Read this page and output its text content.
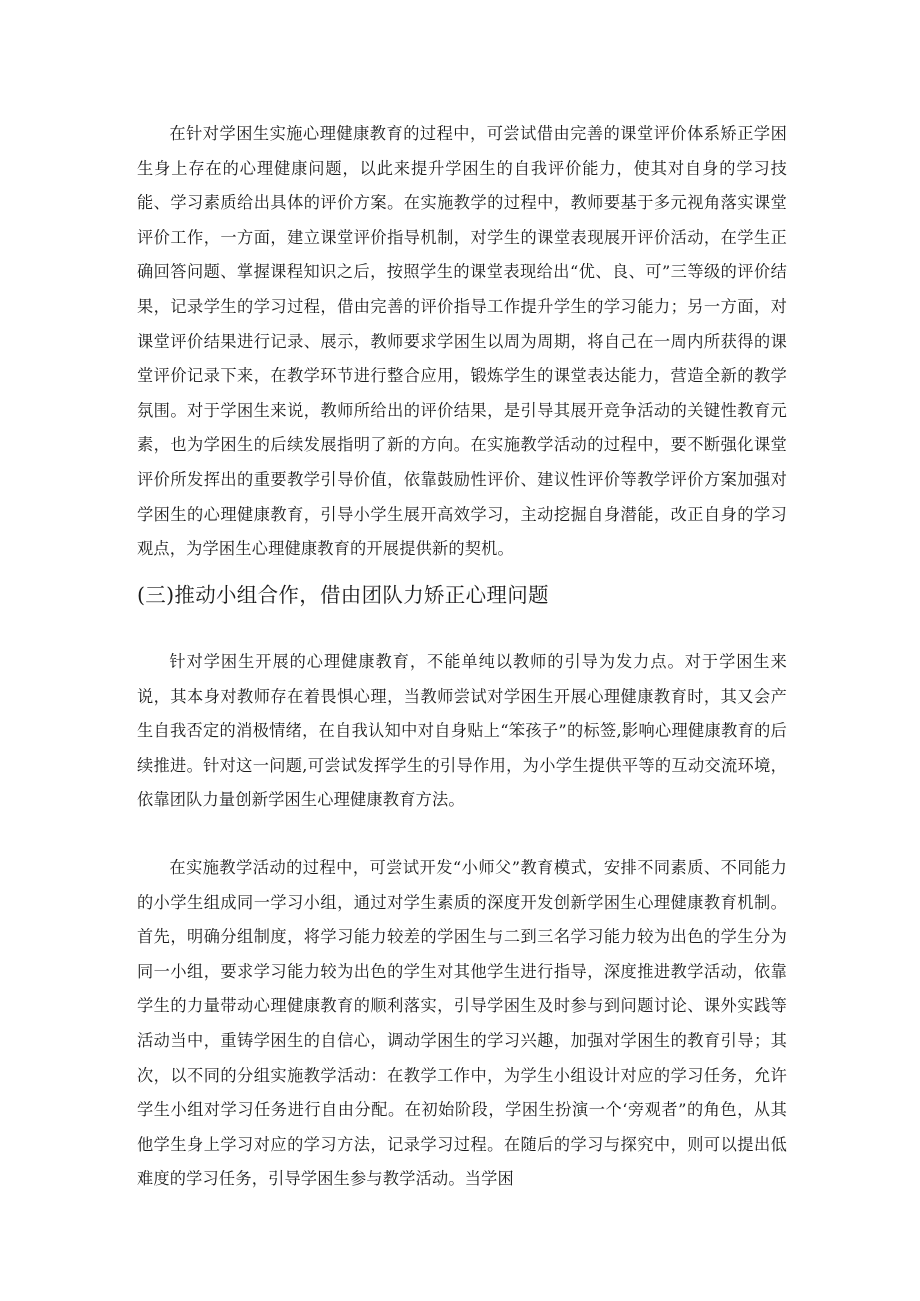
在针对学困生实施心理健康教育的过程中，可尝试借由完善的课堂评价体系矫正学困生身上存在的心理健康问题，以此来提升学困生的自我评价能力，使其对自身的学习技能、学习素质给出具体的评价方案。在实施教学的过程中，教师要基于多元视角落实课堂评价工作，一方面，建立课堂评价指导机制，对学生的课堂表现展开评价活动，在学生正确回答问题、掌握课程知识之后，按照学生的课堂表现给出“优、良、可”三等级的评价结果，记录学生的学习过程，借由完善的评价指导工作提升学生的学习能力；另一方面，对课堂评价结果进行记录、展示，教师要求学困生以周为周期，将自己在一周内所获得的课堂评价记录下来，在教学环节进行整合应用，锻炼学生的课堂表达能力，营造全新的教学氛围。对于学困生来说，教师所给出的评价结果，是引导其展开竞争活动的关键性教育元素，也为学困生的后续发展指明了新的方向。在实施教学活动的过程中，要不断强化课堂评价所发挥出的重要教学引导价值，依靠鼓励性评价、建议性评价等教学评价方案加强对学困生的心理健康教育，引导小学生展开高效学习，主动挖掘自身潜能，改正自身的学习观点，为学困生心理健康教育的开展提供新的契机。

(三)推动小组合作，借由团队力矫正心理问题

针对学困生开展的心理健康教育，不能单纯以教师的引导为发力点。对于学困生来说，其本身对教师存在着畏惧心理，当教师尝试对学困生开展心理健康教育时，其又会产生自我否定的消极情绪，在自我认知中对自身贴上“笨孩子”的标签,影响心理健康教育的后续推进。针对这一问题,可尝试发挥学生的引导作用，为小学生提供平等的互动交流环境，依靠团队力量创新学困生心理健康教育方法。

在实施教学活动的过程中，可尝试开发“小师父”教育模式，安排不同素质、不同能力的小学生组成同一学习小组，通过对学生素质的深度开发创新学困生心理健康教育机制。首先，明确分组制度，将学习能力较差的学困生与二到三名学习能力较为出色的学生分为同一小组，要求学习能力较为出色的学生对其他学生进行指导，深度推进教学活动，依靠学生的力量带动心理健康教育的顺利落实，引导学困生及时参与到问题讨论、课外实践等活动当中，重铸学困生的自信心，调动学困生的学习兴趣，加强对学困生的教育引导；其次，以不同的分组实施教学活动：在教学工作中，为学生小组设计对应的学习任务，允许学生小组对学习任务进行自由分配。在初始阶段，学困生扮演一个‘旁观者”的角色，从其他学生身上学习对应的学习方法，记录学习过程。在随后的学习与探究中，则可以提出低难度的学习任务，引导学困生参与教学活动。当学困
